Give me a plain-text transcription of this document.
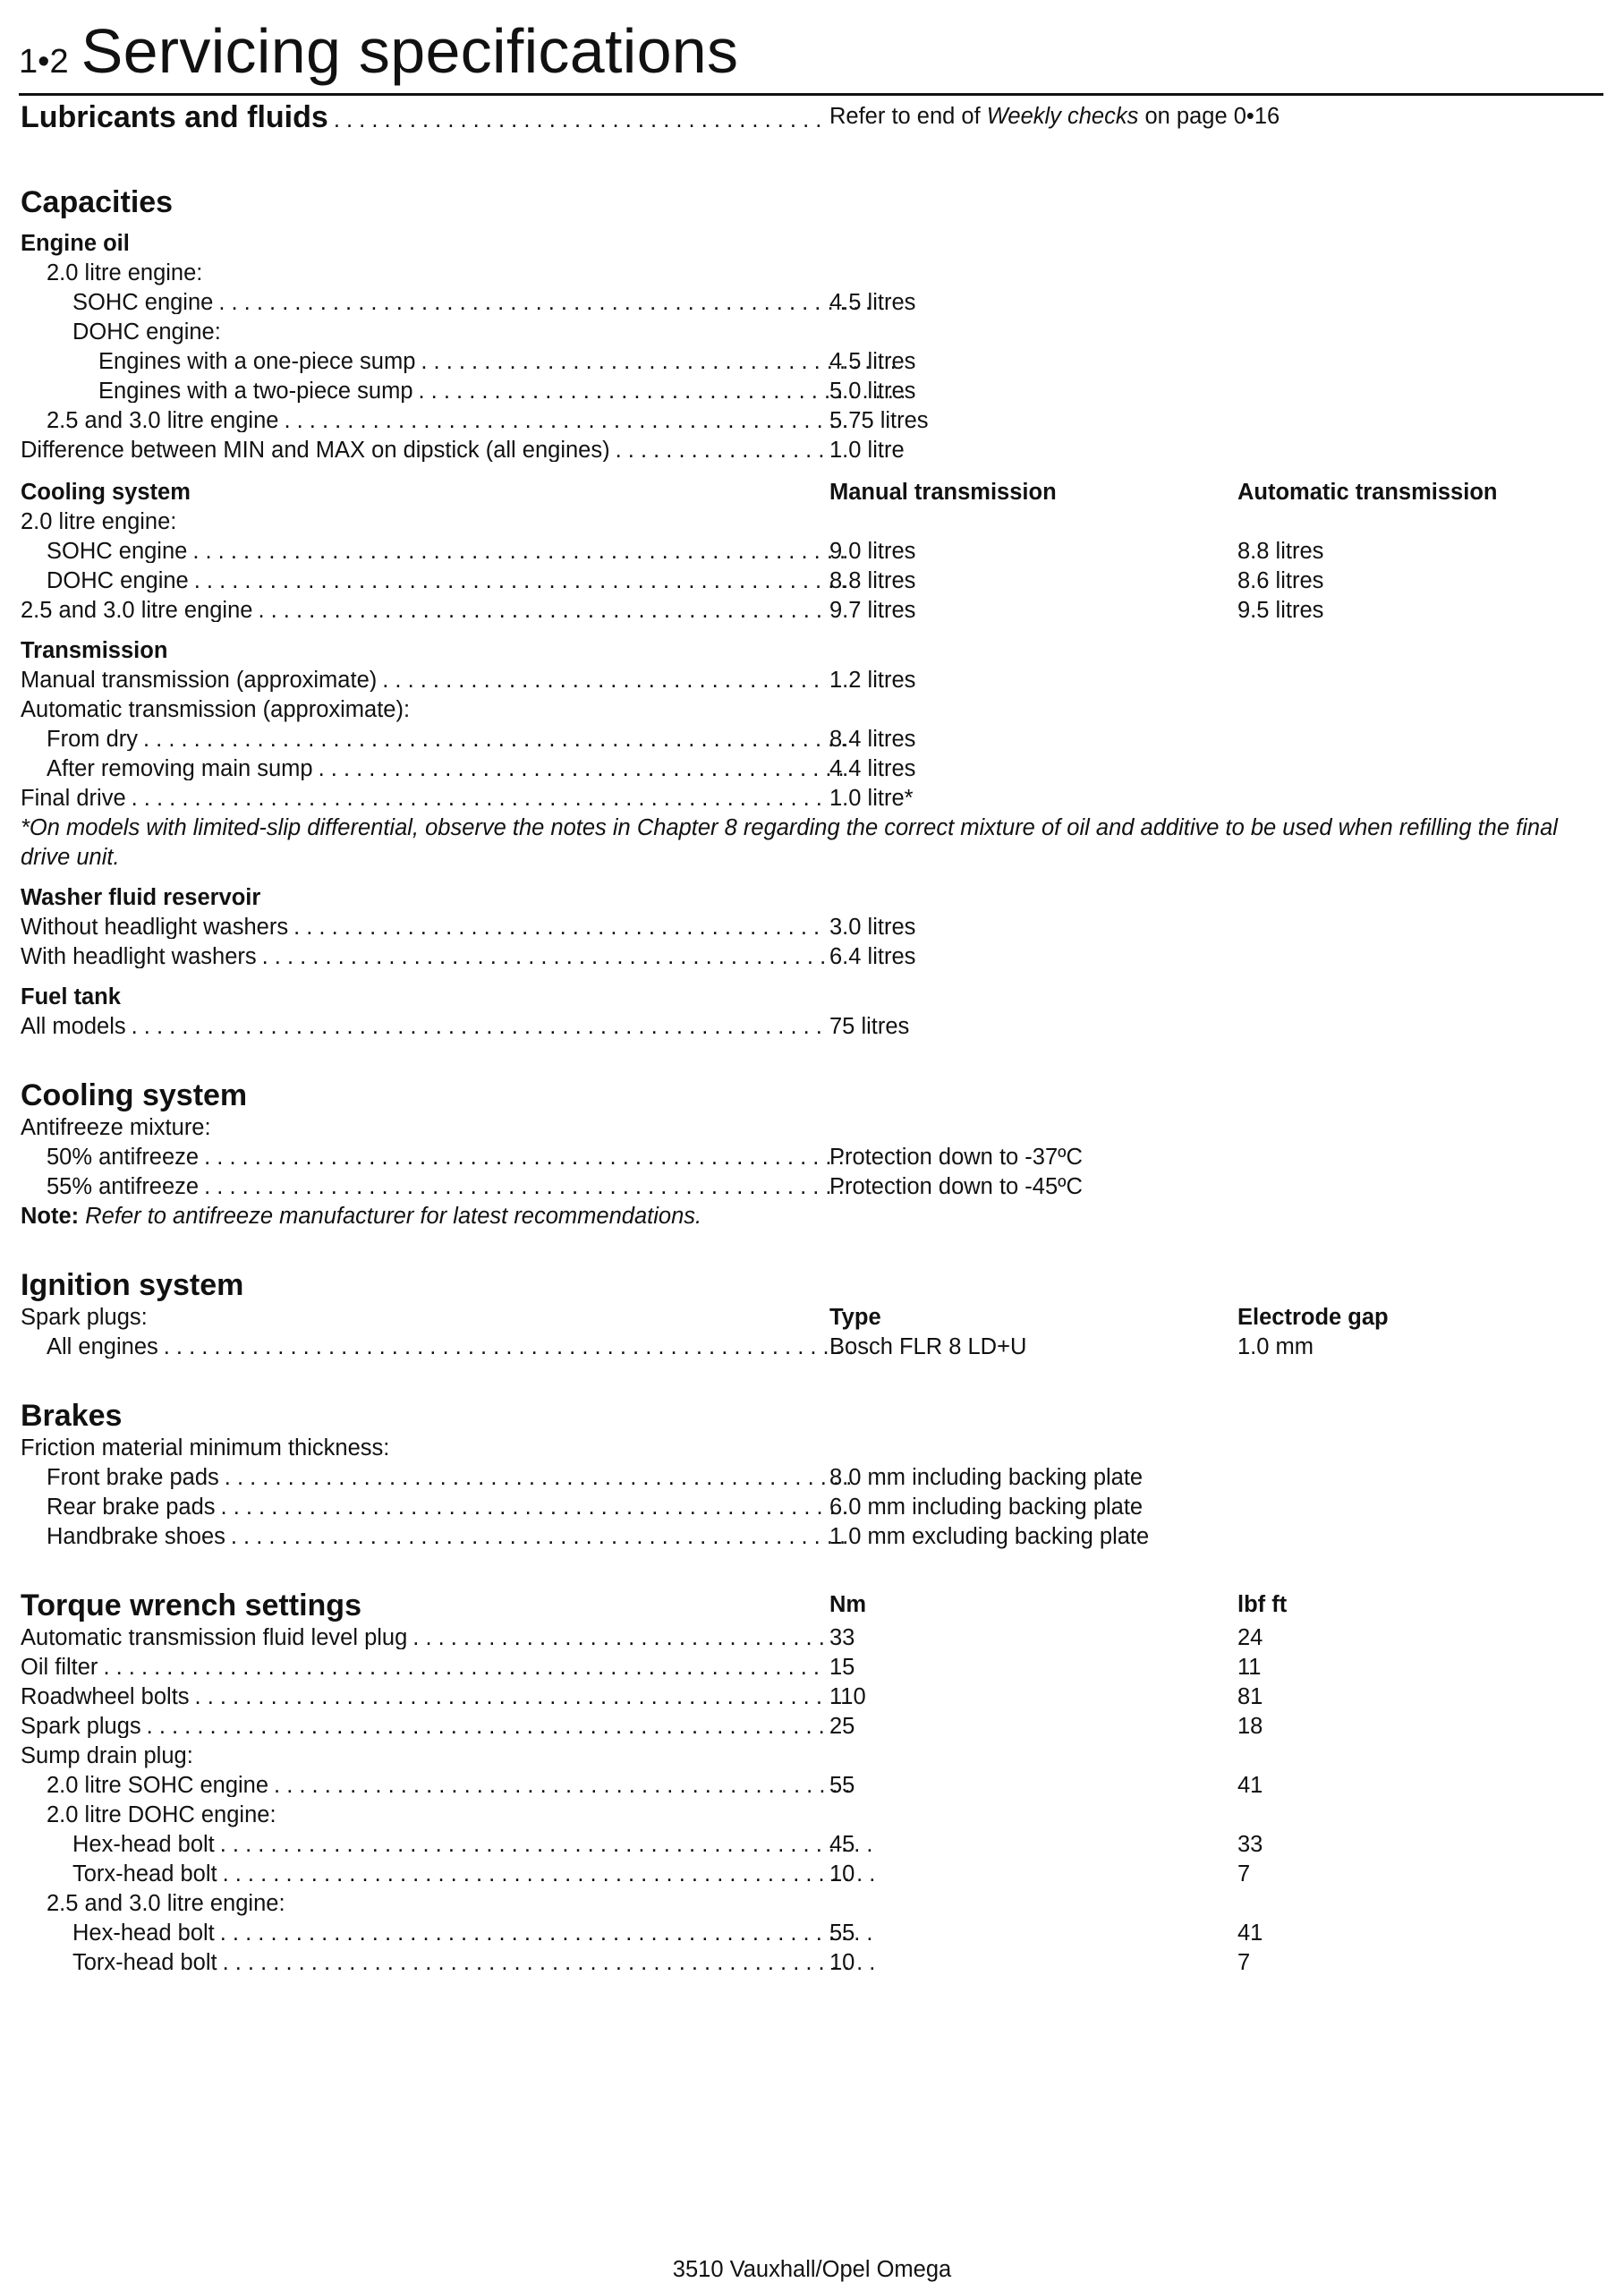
1•2 Servicing specifications
Lubricants and fluids . . .	Refer to end of Weekly checks on page 0•16
Capacities
Engine oil
2.0 litre engine:
SOHC engine . . .	4.5 litres
DOHC engine:
Engines with a one-piece sump . . .	4.5 litres
Engines with a two-piece sump . . .	5.0 litres
2.5 and 3.0 litre engine . . .	5.75 litres
Difference between MIN and MAX on dipstick (all engines) . . .	1.0 litre
Cooling system	Manual transmission	Automatic transmission
2.0 litre engine:
SOHC engine . . .	9.0 litres	8.8 litres
DOHC engine . . .	8.8 litres	8.6 litres
2.5 and 3.0 litre engine . . .	9.7 litres	9.5 litres
Transmission
Manual transmission (approximate) . . .	1.2 litres
Automatic transmission (approximate):
From dry . . .	8.4 litres
After removing main sump . . .	4.4 litres
Final drive . . .	1.0 litre*
*On models with limited-slip differential, observe the notes in Chapter 8 regarding the correct mixture of oil and additive to be used when refilling the final drive unit.
Washer fluid reservoir
Without headlight washers . . .	3.0 litres
With headlight washers . . .	6.4 litres
Fuel tank
All models . . .	75 litres
Cooling system
Antifreeze mixture:
50% antifreeze . . .	Protection down to -37ºC
55% antifreeze . . .	Protection down to -45ºC
Note: Refer to antifreeze manufacturer for latest recommendations.
Ignition system
Spark plugs:	Type	Electrode gap
All engines . . .	Bosch FLR 8 LD+U	1.0 mm
Brakes
Friction material minimum thickness:
Front brake pads . . .	8.0 mm including backing plate
Rear brake pads . . .	6.0 mm including backing plate
Handbrake shoes . . .	1.0 mm excluding backing plate
Torque wrench settings	Nm	lbf ft
Automatic transmission fluid level plug . . .	33	24
Oil filter . . .	15	11
Roadwheel bolts . . .	110	81
Spark plugs . . .	25	18
Sump drain plug:
2.0 litre SOHC engine . . .	55	41
2.0 litre DOHC engine:
Hex-head bolt . . .	45	33
Torx-head bolt . . .	10	7
2.5 and 3.0 litre engine:
Hex-head bolt . . .	55	41
Torx-head bolt . . .	10	7
3510 Vauxhall/Opel Omega
